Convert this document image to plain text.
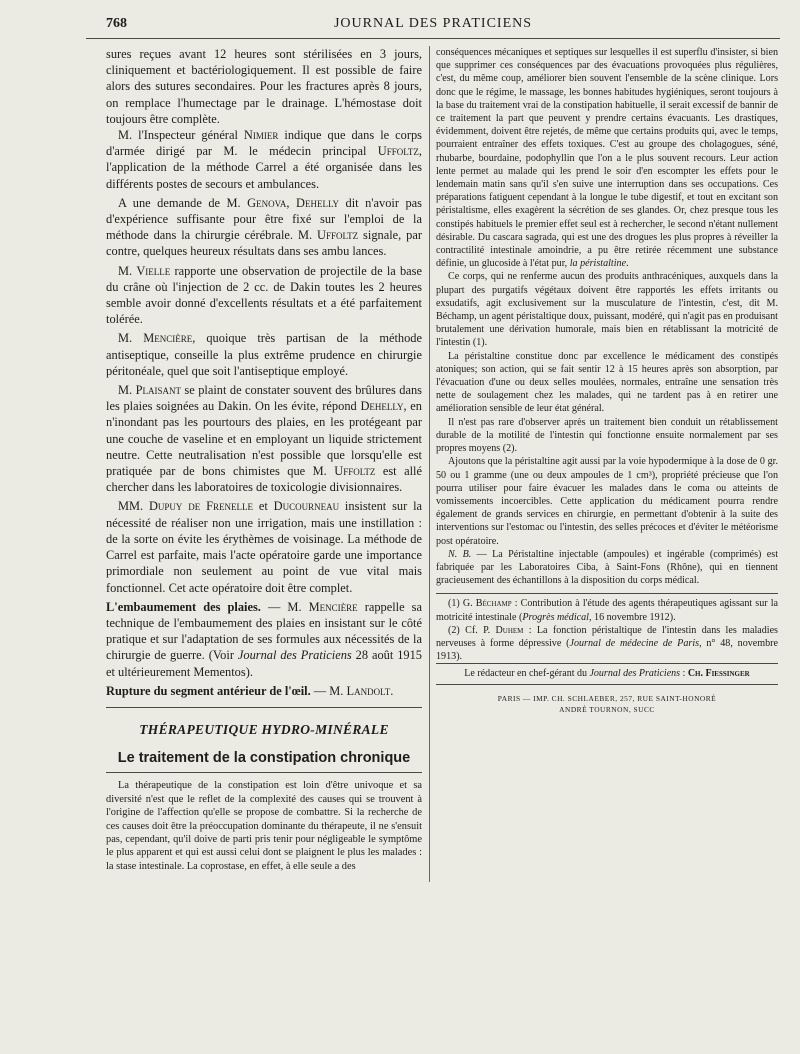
768	JOURNAL DES PRATICIENS

sures reçues avant 12 heures sont stérilisées en 3 jours, cliniquement et bactériologiquement. Il est possible de faire alors des sutures secondaires. Pour les fractures après 8 jours, on remplace l'humectage par le drainage. L'hémostase doit toujours être complète.

M. l'Inspecteur général Nimier indique que dans le corps d'armée dirigé par M. le médecin principal Uffoltz, l'application de la méthode Carrel a été organisée dans les différents postes de secours et ambulances.

A une demande de M. Genova, Dehelly dit n'avoir pas d'expérience suffisante pour être fixé sur l'emploi de la méthode dans la chirurgie cérébrale. M. Uffoltz signale, par contre, quelques heureux résultats dans ses ambu lances.

M. Vielle rapporte une observation de projectile de la base du crâne où l'injection de 2 cc. de Dakin toutes les 2 heures semble avoir donné d'excellents résultats et a été parfaitement tolérée.

M. Mencière, quoique très partisan de la méthode antiseptique, conseille la plus extrême prudence en chirurgie péritonéale, quel que soit l'antiseptique employé.

M. Plaisant se plaint de constater souvent des brûlures dans les plaies soignées au Dakin. On les évite, répond Dehelly, en n'inondant pas les pourtours des plaies, en les protégeant par une couche de vaseline et en employant un liquide strictement neutre. Cette neutralisation n'est possible que lorsqu'elle est pratiquée par de bons chimistes que M. Uffoltz est allé chercher dans les laboratoires de toxicologie divisionnaires.

MM. Dupuy de Frenelle et Ducourneau insistent sur la nécessité de réaliser non une irrigation, mais une instillation : de la sorte on évite les érythèmes de voisinage. La méthode de Carrel est parfaite, mais l'acte opératoire garde une importance primordiale non seulement au point de vue vital mais fonctionnel. Cet acte opératoire doit être complet.

L'embaumement des plaies. — M. Mencière rappelle sa technique de l'embaumement des plaies en insistant sur le côté pratique et sur l'adaptation de ses formules aux nécessités de la chirurgie de guerre. (Voir Journal des Praticiens 28 août 1915 et ultérieurement Mementos).

Rupture du segment antérieur de l'œil. — M. Landolt.

THÉRAPEUTIQUE HYDRO-MINÉRALE

Le traitement de la constipation chronique

La thérapeutique de la constipation est loin d'être univoque et sa diversité n'est que le reflet de la complexité des causes qui se trouvent à l'origine de l'affection qu'elle se propose de combattre. Si la recherche de ces causes doit être la préoccupation dominante du thérapeute, il ne s'ensuit pas, cependant, qu'il doive de parti pris tenir pour négligeable le symptôme le plus apparent et qui est aussi celui dont se plaignent le plus les malades : la stase intestinale. La coprostase, en effet, à elle seule a des

conséquences mécaniques et septiques sur lesquelles il est superflu d'insister, si bien que supprimer ces conséquences par des évacuations provoquées plus régulières, c'est, du même coup, améliorer bien souvent l'ensemble de la scène clinique. Lors donc que le régime, le massage, les bonnes habitudes hygiéniques, seront toujours à la base du traitement vrai de la constipation habituelle, il serait excessif de bannir de ce traitement la part que peuvent y prendre certains évacuants. Les drastiques, évidemment, doivent être rejetés, de même que certains produits qui, avec le temps, pourraient entraîner des effets toxiques. C'est au groupe des cholagogues, séné, rhubarbe, bourdaine, podophyllin que l'on a le plus souvent recours. Leur action lente permet au malade qui les prend le soir d'en escompter les effets pour le lendemain matin sans qu'il s'en suive une interruption dans ses occupations. Ces préparations fatiguent cependant à la longue le tube digestif, et tout en excitant son péristaltisme, elles exagèrent la sécrétion de ses glandes. Or, chez presque tous les constipés habituels le premier effet seul est à rechercher, le second n'étant nullement désirable. Du cascara sagrada, qui est une des drogues les plus propres à réveiller la contractilité intestinale amoindrie, a pu être retirée récemment une substance définie, un glucoside à l'état pur, la péristaltine.

Ce corps, qui ne renferme aucun des produits anthracéniques, auxquels dans la plupart des purgatifs végétaux doivent être rapportés les effets irritants ou exsudatifs, agit exclusivement sur la musculature de l'intestin, c'est, dit M. Béchamp, un agent péristaltique doux, puissant, modéré, qui n'agit pas en produisant brutalement une dérivation humorale, mais bien en rétablissant la motricité de l'intestin (1).

La péristaltine constitue donc par excellence le médicament des constipés atoniques; son action, qui se fait sentir 12 à 15 heures après son absorption, par l'évacuation d'une ou deux selles moulées, normales, entraîne une sensation très nette de soulagement chez les malades, qui ne tardent pas à en retirer une amélioration sensible de leur état général.

Il n'est pas rare d'observer après un traitement bien conduit un rétablissement durable de la motilité de l'intestin qui fonctionne ensuite normalement par ses propres moyens (2).

Ajoutons que la péristaltine agit aussi par la voie hypodermique à la dose de 0 gr. 50 ou 1 gramme (une ou deux ampoules de 1 cm³), propriété précieuse que l'on pourra utiliser pour faire évacuer les malades dans le coma ou atteints de vomissements incoercibles. Cette application du médicament pourra rendre également de grands services en chirurgie, en permettant d'obtenir à la suite des interventions sur l'estomac ou l'intestin, des selles précoces et d'éviter le météorisme post opératoire.

N. B. — La Péristaltine injectable (ampoules) et ingérable (comprimés) est fabriquée par les Laboratoires Ciba, à Saint-Fons (Rhône), qui en tiennent gracieusement des échantillons à la disposition du corps médical.

(1) G. Béchamp : Contribution à l'étude des agents thérapeutiques agissant sur la motricité intestinale (Progrès médical, 16 novembre 1912).

(2) Cf. P. Duhem : La fonction péristaltique de l'intestin dans les maladies nerveuses à forme dépressive (Journal de médecine de Paris, n° 48, novembre 1913).

Le rédacteur en chef-gérant du Journal des Praticiens : Ch. Fiessinger

PARIS — IMP. CH. SCHLAEBER, 257, RUE SAINT-HONORÉ
ANDRÉ TOURNON, SUCC
